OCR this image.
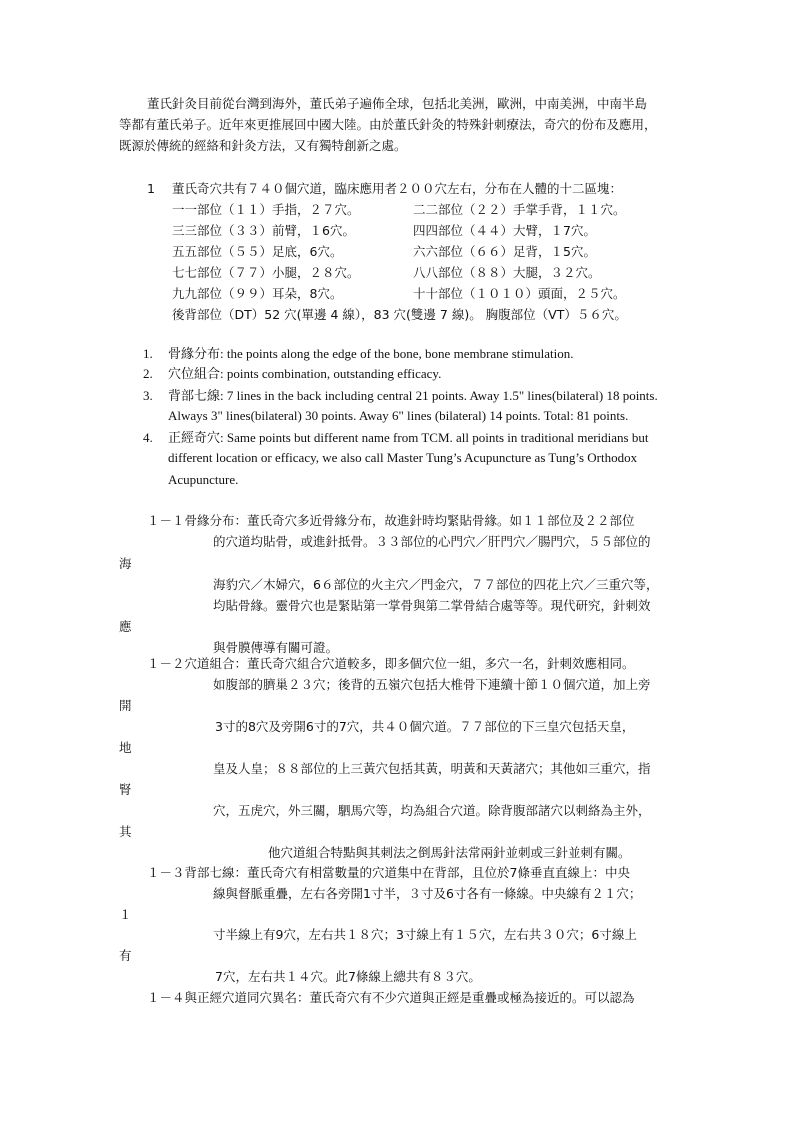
董氏針灸目前從台灣到海外，董氏弟子遍佈全球，包括北美洲，歐洲，中南美洲，中南半島
等都有董氏弟子。近年來更推展回中國大陸。由於董氏針灸的特殊針刺療法，奇穴的份布及應用，
既源於傳統的經絡和針灸方法，又有獨特創新之處。
1 董氏奇穴共有７４０個穴道，臨床應用者２００穴左右，分布在人體的十二區塊：
一一部位（１１）手指，２７穴。	二二部位（２２）手掌手背，１１穴。
三三部位（３３）前臂，１6穴。	四四部位（４４）大臂，１7穴。
五五部位（５５）足底，6穴。	六六部位（６６）足背，１5穴。
七七部位（７７）小腿，２８穴。	八八部位（８８）大腿，３２穴。
九九部位（９９）耳朵，8穴。	十十部位（１０１０）頭面，２５穴。
後背部位（DT）52 穴(單邊 4 線），83 穴(雙邊 7 線)。 胸腹部位（VT）５６穴。
1. 骨緣分布: the points along the edge of the bone, bone membrane stimulation.
2. 穴位組合: points combination, outstanding efficacy.
3. 背部七線: 7 lines in the back including central 21 points. Away 1.5" lines(bilateral) 18 points.
Always 3" lines(bilateral) 30 points. Away 6" lines (bilateral) 14 points. Total: 81 points.
4. 正經奇穴: Same points but different name from TCM. all points in traditional meridians but
different location or efficacy, we also call Master Tung’s Acupuncture as Tung’s Orthodox
Acupuncture.
１－１骨緣分布：董氏奇穴多近骨緣分布，故進針時均緊貼骨緣。如１１部位及２２部位
的穴道均貼骨，或進針抵骨。３３部位的心門穴／肝門穴／腸門穴，５５部位的
海
海豹穴／木婦穴，6６部位的火主穴／門金穴，７７部位的四花上穴／三重穴等，
均貼骨緣。靈骨穴也是緊貼第一掌骨與第二掌骨結合處等等。現代研究，針刺效
應
與骨膜傳導有關可證。
１－２穴道組合：董氏奇穴組合穴道較多，即多個穴位一組，多穴一名，針刺效應相同。
如腹部的臍巢２３穴；後背的五嶺穴包括大椎骨下連續十節１０個穴道，加上旁
開
3寸的8穴及旁開6寸的7穴，共４０個穴道。７７部位的下三皇穴包括天皇，
地
皇及人皇；８８部位的上三黃穴包括其黃，明黃和天黃諸穴；其他如三重穴，指
腎
穴，五虎穴，外三關，駟馬穴等，均為組合穴道。除背腹部諸穴以刺絡為主外，
其
他穴道組合特點與其刺法之倒馬針法常兩針並刺或三針並刺有關。
１－３背部七線：董氏奇穴有相當數量的穴道集中在背部，且位於7條垂直直線上：中央
線與督脈重疊，左右各旁開1寸半，３寸及6寸各有一條線。中央線有２１穴；
１
寸半線上有9穴，左右共１８穴；3寸線上有１５穴，左右共３０穴；6寸線上
有
7穴，左右共１４穴。此7條線上總共有８３穴。
１－４與正經穴道同穴異名：董氏奇穴有不少穴道與正經是重疊或極為接近的。可以認為
